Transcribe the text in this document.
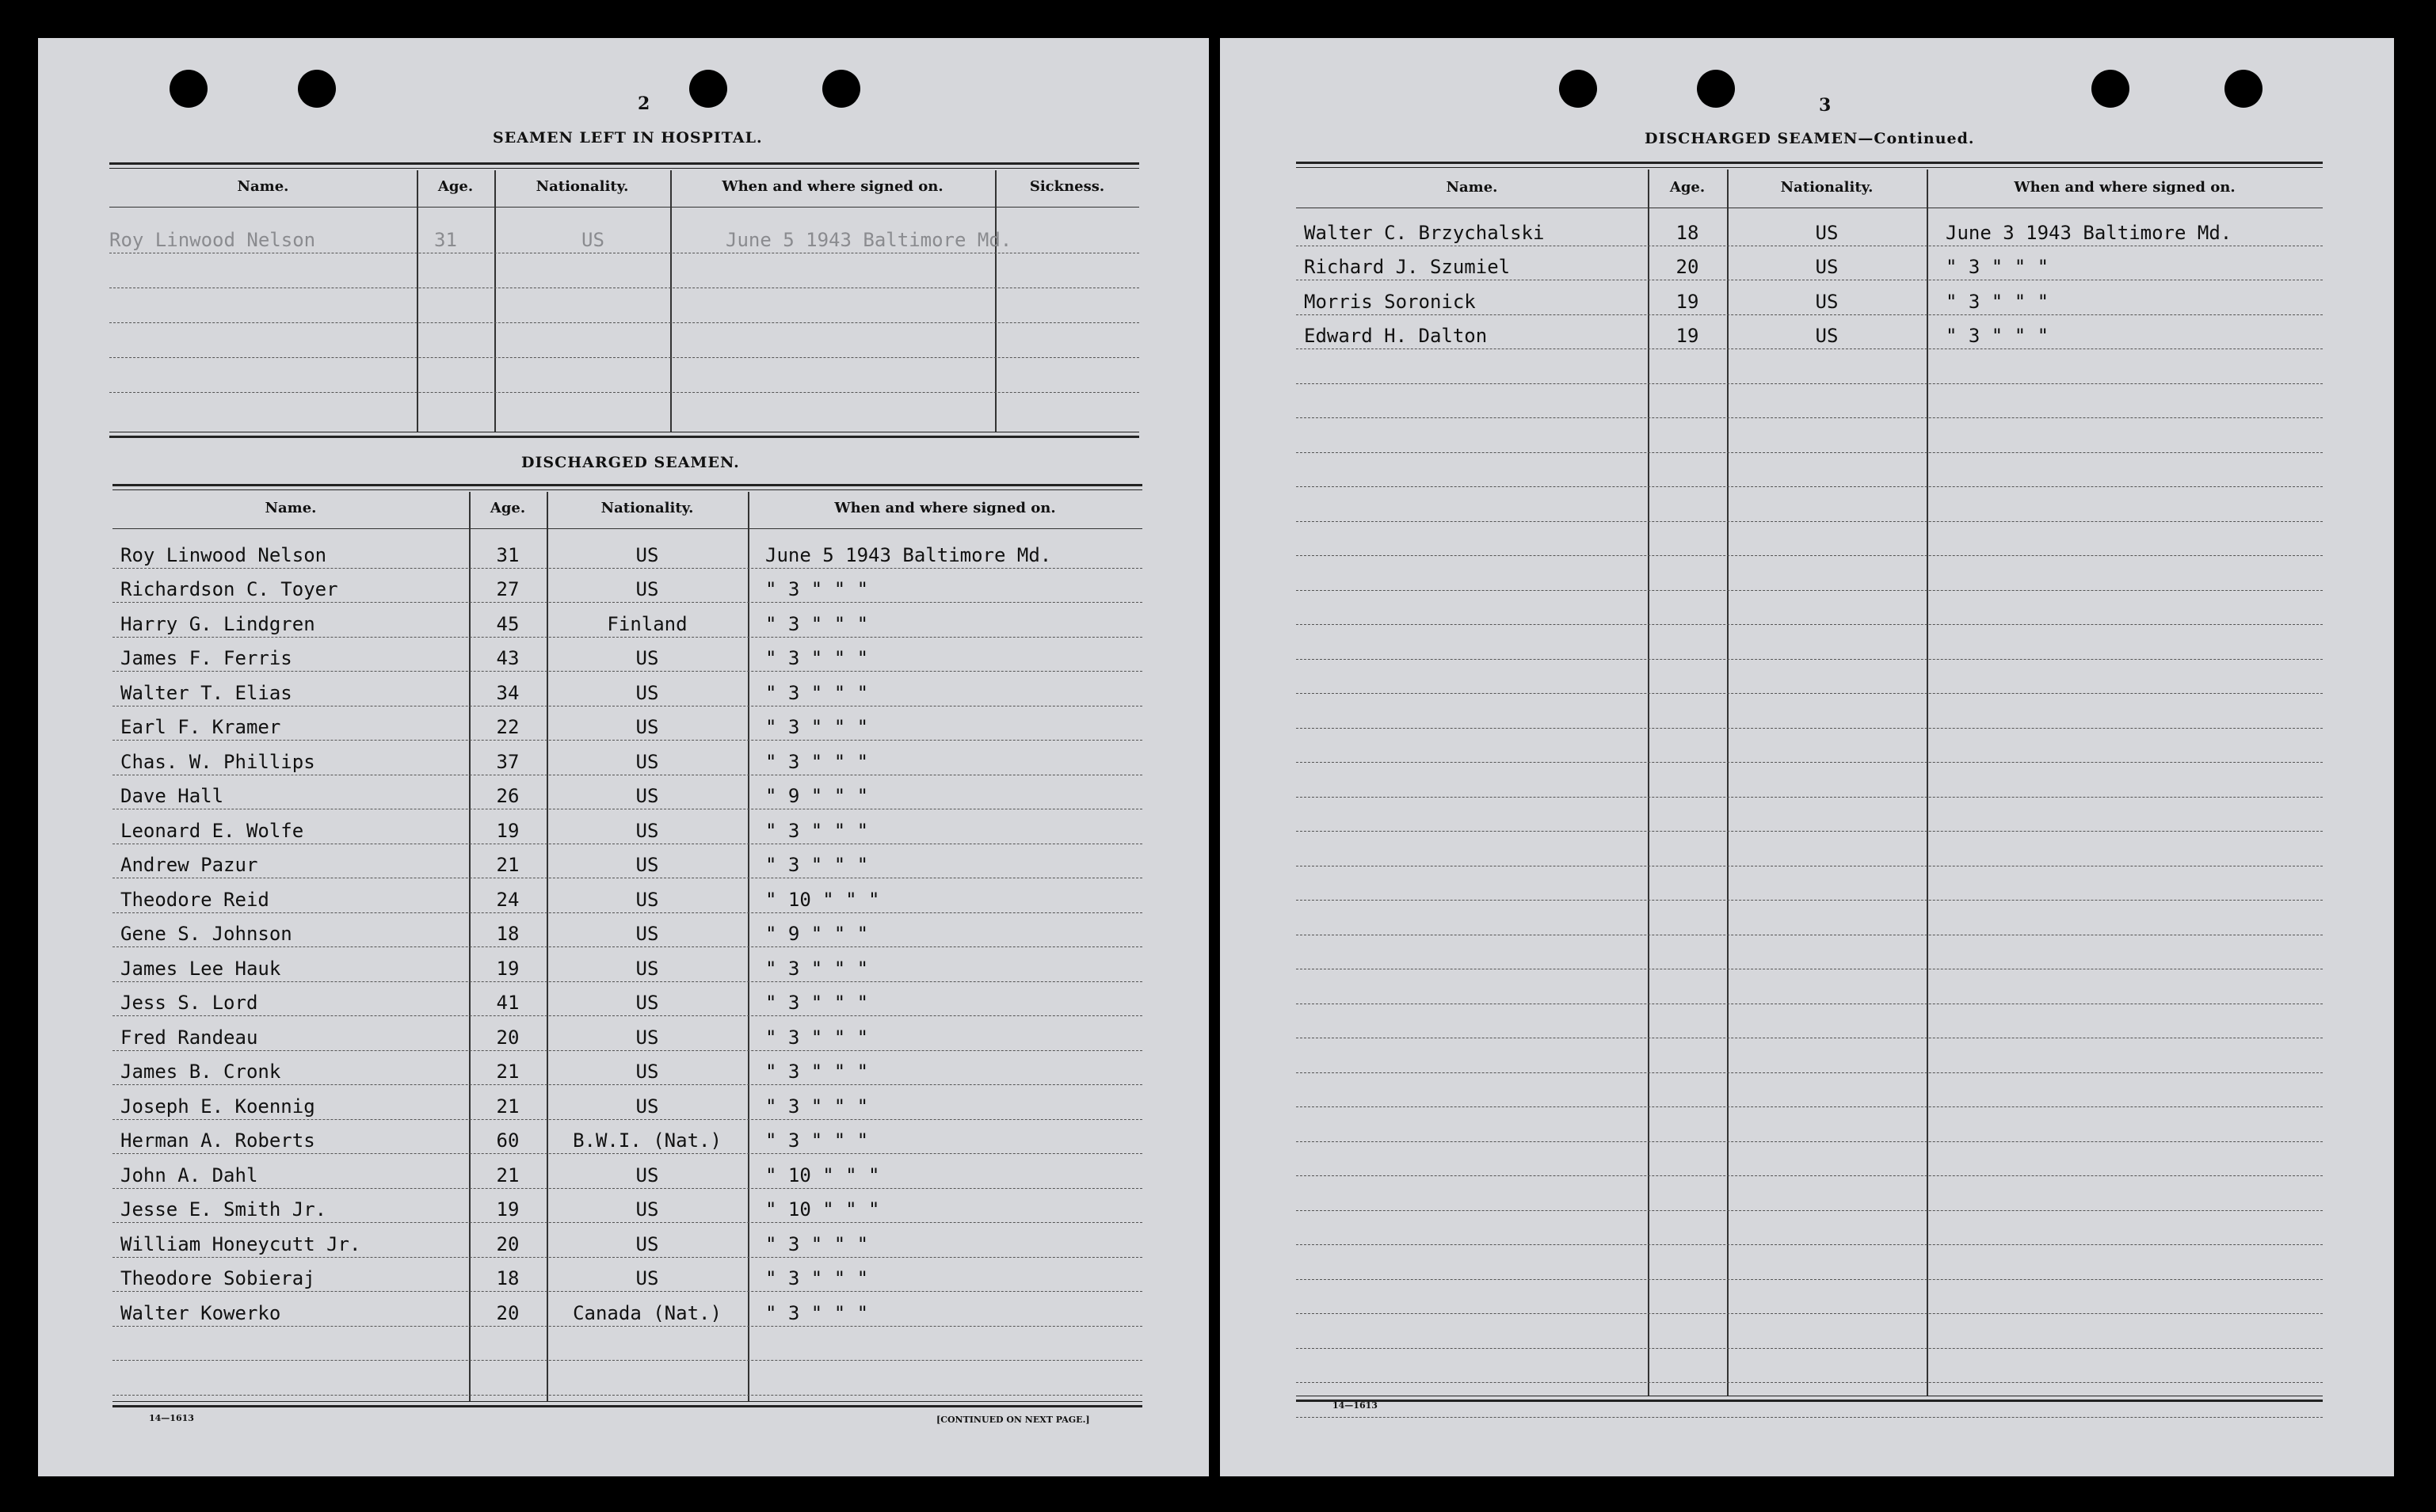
2
SEAMEN LEFT IN HOSPITAL.
Name.	Age.	Nationality.	When and where signed on.	Sickness.
Roy Linwood Nelson	31	US	June 5 1943 Baltimore Md.
DISCHARGED SEAMEN.
Name.	Age.	Nationality.	When and where signed on.
Roy Linwood Nelson	31	US	June 5 1943 Baltimore Md.
Richardson C. Toyer	27	US	" 3 " " "
Harry G. Lindgren	45	Finland	" 3 " " "
James F. Ferris	43	US	" 3 " " "
Walter T. Elias	34	US	" 3 " " "
Earl F. Kramer	22	US	" 3 " " "
Chas. W. Phillips	37	US	" 3 " " "
Dave Hall	26	US	" 9 " " "
Leonard E. Wolfe	19	US	" 3 " " "
Andrew Pazur	21	US	" 3 " " "
Theodore Reid	24	US	" 10 " " "
Gene S. Johnson	18	US	" 9 " " "
James Lee Hauk	19	US	" 3 " " "
Jess S. Lord	41	US	" 3 " " "
Fred Randeau	20	US	" 3 " " "
James B. Cronk	21	US	" 3 " " "
Joseph E. Koennig	21	US	" 3 " " "
Herman A. Roberts	60	B.W.I. (Nat.)	" 3 " " "
John A. Dahl	21	US	" 10 " " "
Jesse E. Smith Jr.	19	US	" 10 " " "
William Honeycutt Jr.	20	US	" 3 " " "
Theodore Sobieraj	18	US	" 3 " " "
Walter Kowerko	20	Canada (Nat.)	" 3 " " "
14—1613	[CONTINUED ON NEXT PAGE.]
3
DISCHARGED SEAMEN—Continued.
Name.	Age.	Nationality.	When and where signed on.
Walter C. Brzychalski	18	US	June 3 1943 Baltimore Md.
Richard J. Szumiel	20	US	" 3 " " "
Morris Soronick	19	US	" 3 " " "
Edward H. Dalton	19	US	" 3 " " "
14—1613
